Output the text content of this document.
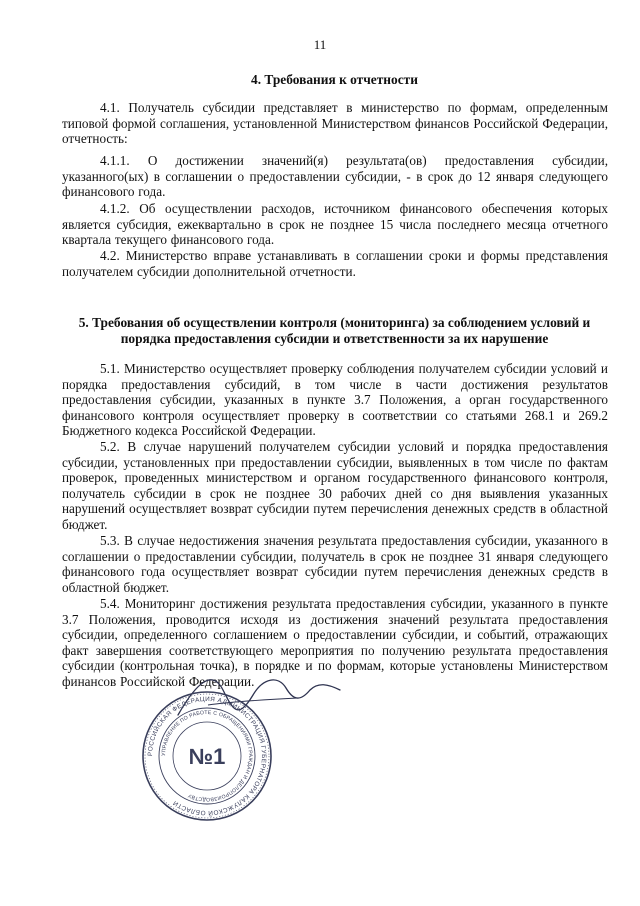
11
4. Требования к отчетности

4.1. Получатель субсидии представляет в министерство по формам, определенным типовой формой соглашения, установленной Министерством финансов Российской Федерации, отчетность:

4.1.1. О достижении значений(я) результата(ов) предоставления субсидии, указанного(ых) в соглашении о предоставлении субсидии, - в срок до 12 января следующего финансового года.

4.1.2. Об осуществлении расходов, источником финансового обеспечения которых является субсидия, ежеквартально в срок не позднее 15 числа последнего месяца отчетного квартала текущего финансового года.

4.2. Министерство вправе устанавливать в соглашении сроки и формы представления получателем субсидии дополнительной отчетности.

5. Требования об осуществлении контроля (мониторинга) за соблюдением условий и
порядка предоставления субсидии и ответственности за их нарушение

5.1. Министерство осуществляет проверку соблюдения получателем субсидии условий и порядка предоставления субсидий, в том числе в части достижения результатов предоставления субсидии, указанных в пункте 3.7 Положения, а орган государственного финансового контроля осуществляет проверку в соответствии со статьями 268.1 и 269.2 Бюджетного кодекса Российской Федерации.

5.2. В случае нарушений получателем субсидии условий и порядка предоставления субсидии, установленных при предоставлении субсидии, выявленных в том числе по фактам проверок, проведенных министерством и органом государственного финансового контроля, получатель субсидии в срок не позднее 30 рабочих дней со дня выявления указанных нарушений осуществляет возврат субсидии путем перечисления денежных средств в областной бюджет.

5.3. В случае недостижения значения результата предоставления субсидии, указанного в соглашении о предоставлении субсидии, получатель в срок не позднее 31 января следующего финансового года осуществляет возврат субсидии путем перечисления денежных средств в областной бюджет.

5.4. Мониторинг достижения результата предоставления субсидии, указанного в пункте 3.7 Положения, проводится исходя из достижения значений результата предоставления субсидии, определенного соглашением о предоставлении субсидии, и событий, отражающих факт завершения соответствующего мероприятия по получению результата предоставления субсидии (контрольная точка), в порядке и по формам, которые установлены Министерством финансов Российской Федерации.

РОССИЙСКАЯ ФЕДЕРАЦИЯ АДМИНИСТРАЦИЯ ГУБЕРНАТОРА КАЛУЖСКОЙ ОБЛАСТИ
УПРАВЛЕНИЕ ПО РАБОТЕ С ОБРАЩЕНИЯМИ ГРАЖДАН И ДЕЛОПРОИЗВОДСТВУ
№1
